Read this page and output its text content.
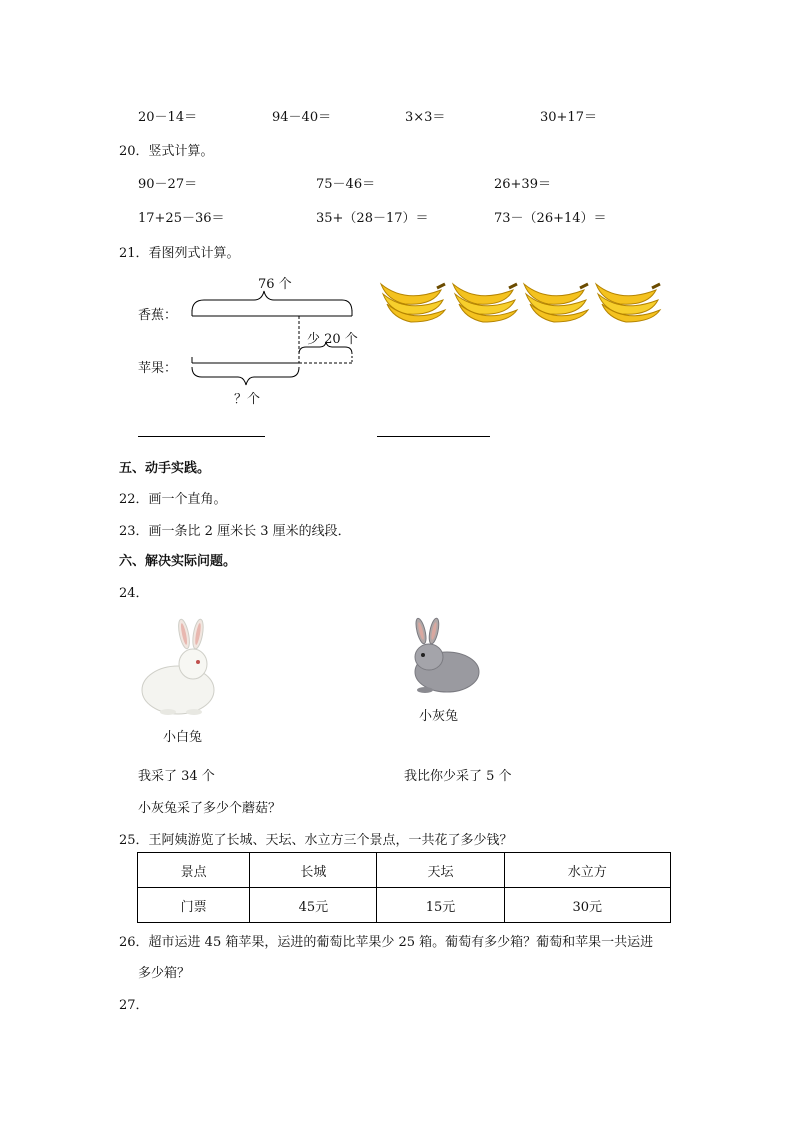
20－14＝	94－40＝	3×3＝	30+17＝
20．竖式计算。
90－27＝	75－46＝	26+39＝
17+25－36＝	35+（28－17）＝	73－（26+14）＝
21．看图列式计算。
76 个
香蕉：
少 20 个
苹果：
？个
五、动手实践。
22．画一个直角。
23．画一条比 2 厘米长 3 厘米的线段．
六、解决实际问题。
24．
小白兔
小灰兔
我采了 34 个	我比你少采了 5 个
小灰兔采了多少个蘑菇？
25．王阿姨游览了长城、天坛、水立方三个景点，一共花了多少钱？
景点	长城	天坛	水立方
门票	45元	15元	30元
26．超市运进 45 箱苹果，运进的葡萄比苹果少 25 箱。葡萄有多少箱？葡萄和苹果一共运进
多少箱？
27．
